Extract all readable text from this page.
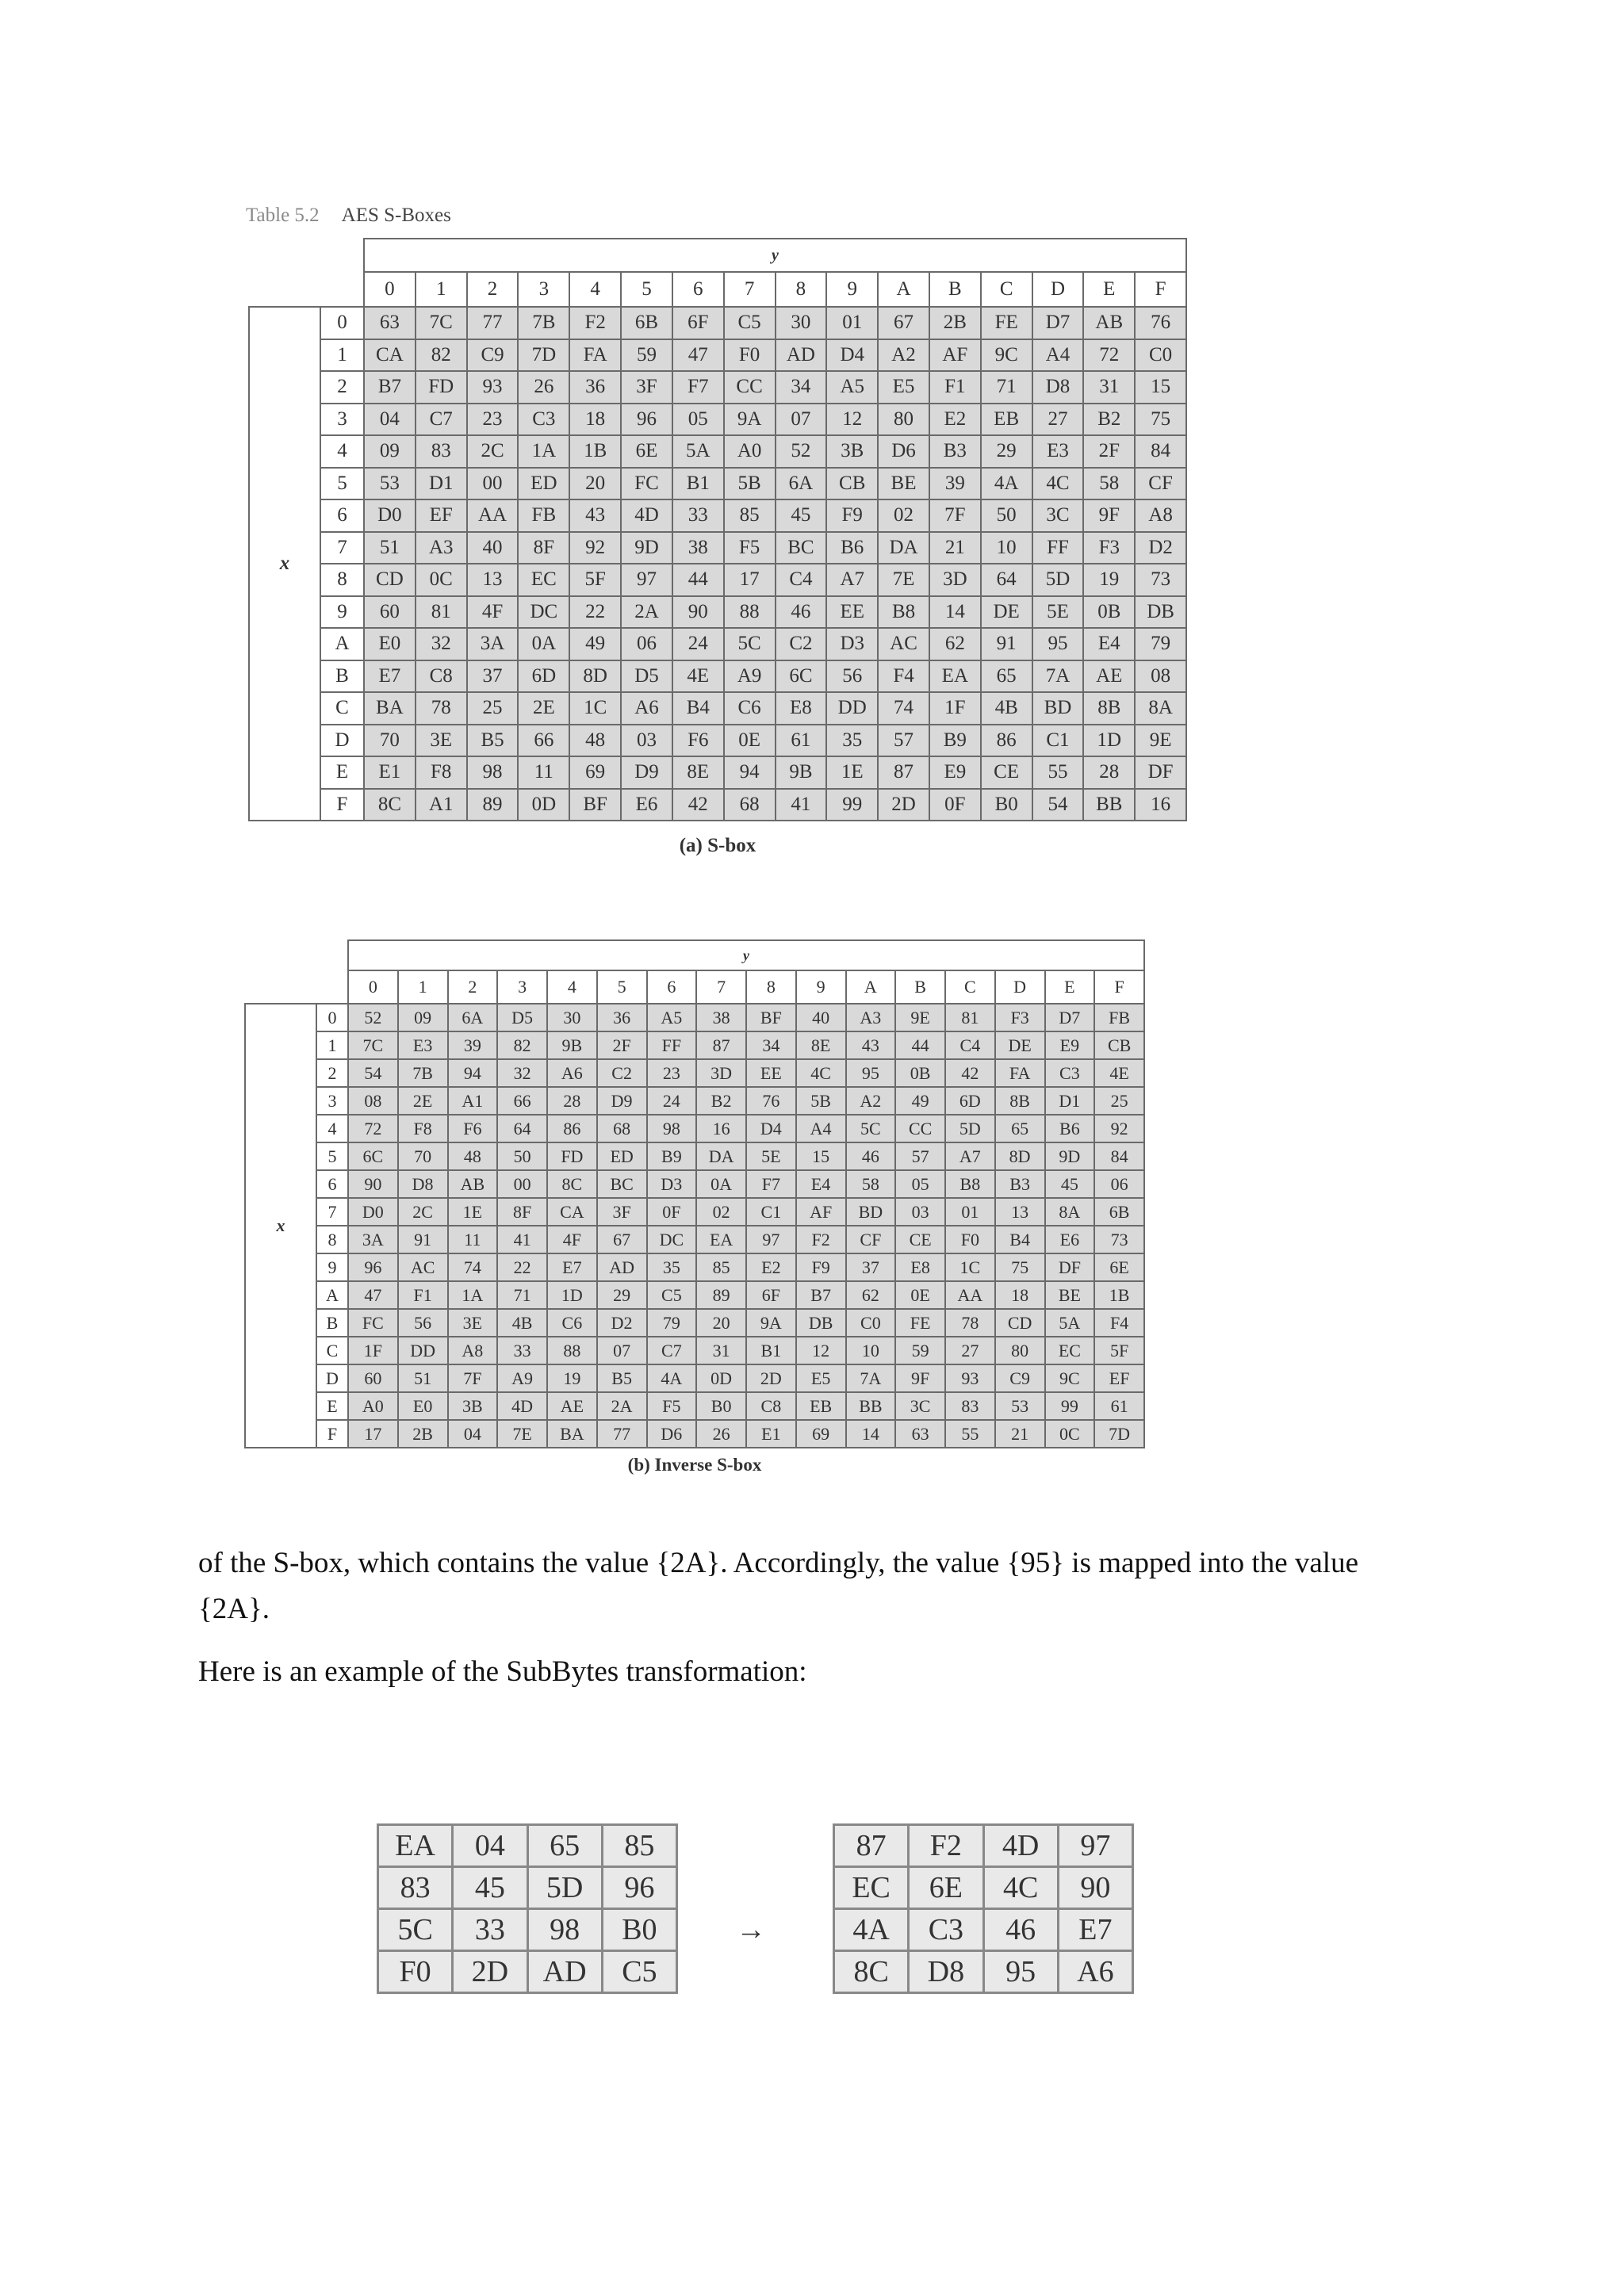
Table 5.2 AES S-Boxes
		y															
		0	1	2	3	4	5	6	7	8	9	A	B	C	D	E	F
x	0	63	7C	77	7B	F2	6B	6F	C5	30	01	67	2B	FE	D7	AB	76
	1	CA	82	C9	7D	FA	59	47	F0	AD	D4	A2	AF	9C	A4	72	C0
	2	B7	FD	93	26	36	3F	F7	CC	34	A5	E5	F1	71	D8	31	15
	3	04	C7	23	C3	18	96	05	9A	07	12	80	E2	EB	27	B2	75
	4	09	83	2C	1A	1B	6E	5A	A0	52	3B	D6	B3	29	E3	2F	84
	5	53	D1	00	ED	20	FC	B1	5B	6A	CB	BE	39	4A	4C	58	CF
	6	D0	EF	AA	FB	43	4D	33	85	45	F9	02	7F	50	3C	9F	A8
	7	51	A3	40	8F	92	9D	38	F5	BC	B6	DA	21	10	FF	F3	D2
	8	CD	0C	13	EC	5F	97	44	17	C4	A7	7E	3D	64	5D	19	73
	9	60	81	4F	DC	22	2A	90	88	46	EE	B8	14	DE	5E	0B	DB
	A	E0	32	3A	0A	49	06	24	5C	C2	D3	AC	62	91	95	E4	79
	B	E7	C8	37	6D	8D	D5	4E	A9	6C	56	F4	EA	65	7A	AE	08
	C	BA	78	25	2E	1C	A6	B4	C6	E8	DD	74	1F	4B	BD	8B	8A
	D	70	3E	B5	66	48	03	F6	0E	61	35	57	B9	86	C1	1D	9E
	E	E1	F8	98	11	69	D9	8E	94	9B	1E	87	E9	CE	55	28	DF
	F	8C	A1	89	0D	BF	E6	42	68	41	99	2D	0F	B0	54	BB	16
(a) S-box
		y															
		0	1	2	3	4	5	6	7	8	9	A	B	C	D	E	F
x	0	52	09	6A	D5	30	36	A5	38	BF	40	A3	9E	81	F3	D7	FB
	1	7C	E3	39	82	9B	2F	FF	87	34	8E	43	44	C4	DE	E9	CB
	2	54	7B	94	32	A6	C2	23	3D	EE	4C	95	0B	42	FA	C3	4E
	3	08	2E	A1	66	28	D9	24	B2	76	5B	A2	49	6D	8B	D1	25
	4	72	F8	F6	64	86	68	98	16	D4	A4	5C	CC	5D	65	B6	92
	5	6C	70	48	50	FD	ED	B9	DA	5E	15	46	57	A7	8D	9D	84
	6	90	D8	AB	00	8C	BC	D3	0A	F7	E4	58	05	B8	B3	45	06
	7	D0	2C	1E	8F	CA	3F	0F	02	C1	AF	BD	03	01	13	8A	6B
	8	3A	91	11	41	4F	67	DC	EA	97	F2	CF	CE	F0	B4	E6	73
	9	96	AC	74	22	E7	AD	35	85	E2	F9	37	E8	1C	75	DF	6E
	A	47	F1	1A	71	1D	29	C5	89	6F	B7	62	0E	AA	18	BE	1B
	B	FC	56	3E	4B	C6	D2	79	20	9A	DB	C0	FE	78	CD	5A	F4
	C	1F	DD	A8	33	88	07	C7	31	B1	12	10	59	27	80	EC	5F
	D	60	51	7F	A9	19	B5	4A	0D	2D	E5	7A	9F	93	C9	9C	EF
	E	A0	E0	3B	4D	AE	2A	F5	B0	C8	EB	BB	3C	83	53	99	61
	F	17	2B	04	7E	BA	77	D6	26	E1	69	14	63	55	21	0C	7D
(b) Inverse S-box
of the S-box, which contains the value {2A}. Accordingly, the value {95} is mapped into the value {2A}.
Here is an example of the SubBytes transformation:
EA	04	65	85
83	45	5D	96
5C	33	98	B0
F0	2D	AD	C5
→
87	F2	4D	97
EC	6E	4C	90
4A	C3	46	E7
8C	D8	95	A6
